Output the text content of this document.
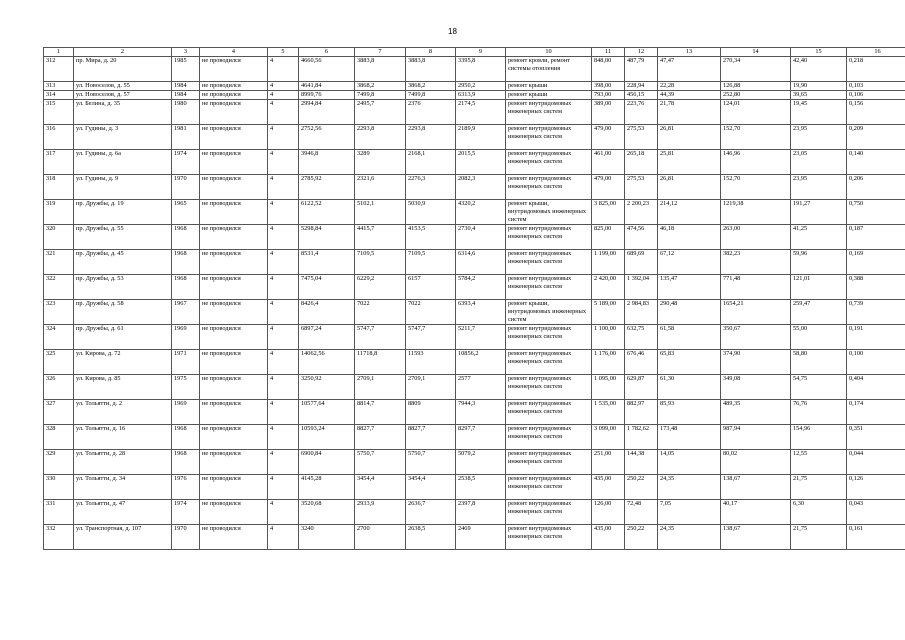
18
1	2	3	4	5	6	7	8	9	10	11	12	13	14	15	16
312	пр. Мира, д. 20	1985	не проводился	4	4660,56	3883,8	3883,8	3395,8	ремонт кровли, ремонт системы отопления	848,00	487,79	47,47	270,34	42,40	0,218
313	ул. Новоселов, д. 55	1984	не проводился	4	4641,84	3868,2	3868,2	2950,2	ремонт крыши	398,00	228,94	22,28	126,88	19,90	0,103
314	ул. Новоселов, д. 57	1984	не проводился	4	8999,76	7499,8	7499,8	6313,9	ремонт крыши	793,00	456,15	44,39	252,80	39,65	0,106
315	ул. Белина, д. 35	1980	не проводился	4	2994,84	2495,7	2376	2174,5	ремонт внутридомовых инженерных систем	389,00	223,76	21,78	124,01	19,45	0,156
316	ул. Гудины, д. 3	1981	не проводился	4	2752,56	2293,8	2293,8	2189,9	ремонт внутридомовых инженерных систем	479,00	275,53	26,81	152,70	23,95	0,209
317	ул. Гудины, д. 6а	1974	не проводился	4	3946,8	3289	2168,1	2015,5	ремонт внутридомовых инженерных систем	461,00	265,18	25,81	146,96	23,05	0,140
318	ул. Гудины, д. 9	1970	не проводился	4	2785,92	2321,6	2276,3	2082,3	ремонт внутридомовых инженерных систем	479,00	275,53	26,81	152,70	23,95	0,206
319	пр. Дружбы, д. 19	1965	не проводился	4	6122,52	5102,1	5030,9	4320,2	ремонт крыши, внутридомовых инженерных систем	3 825,00	2 200,23	214,12	1219,38	191,27	0,750
320	пр. Дружбы, д. 55	1968	не проводился	4	5298,84	4415,7	4153,5	2730,4	ремонт внутридомовых инженерных систем	825,00	474,56	46,18	263,00	41,25	0,187
321	пр. Дружбы, д. 45	1968	не проводился	4	8531,4	7109,5	7109,5	6314,6	ремонт внутридомовых инженерных систем	1 199,00	689,69	67,12	382,23	59,96	0,169
322	пр. Дружбы, д. 53	1968	не проводился	4	7475,04	6229,2	6157	5784,2	ремонт внутридомовых инженерных систем	2 420,00	1 392,04	135,47	771,48	121,01	0,388
323	пр. Дружбы, д. 58	1967	не проводился	4	8426,4	7022	7022	6393,4	ремонт крыши, внутридомовых инженерных систем	5 189,00	2 984,83	290,48	1654,21	259,47	0,739
324	пр. Дружбы, д. 61	1969	не проводился	4	6897,24	5747,7	5747,7	5211,7	ремонт внутридомовых инженерных систем	1 100,00	632,75	61,58	350,67	55,00	0,191
325	ул. Кирова, д. 72	1971	не проводился	4	14062,56	11718,8	11593	10856,2	ремонт внутридомовых инженерных систем	1 176,00	676,46	65,83	374,90	58,80	0,100
326	ул. Кирова, д. 85	1975	не проводился	4	3250,92	2709,1	2709,1	2577	ремонт внутридомовых инженерных систем	1 095,00	629,87	61,30	349,08	54,75	0,404
327	ул. Тольятти, д. 2	1969	не проводился	4	10577,64	8814,7	8809	7944,3	ремонт внутридомовых инженерных систем	1 535,00	882,97	85,93	489,35	76,76	0,174
328	ул. Тольятти, д. 16	1968	не проводился	4	10593,24	8827,7	8827,7	8297,7	ремонт внутридомовых инженерных систем	3 099,00	1 782,62	173,48	987,94	154,96	0,351
329	ул. Тольятти, д. 28	1968	не проводился	4	6900,84	5750,7	5750,7	5079,2	ремонт внутридомовых инженерных систем	251,00	144,38	14,05	80,02	12,55	0,044
330	ул. Тольятти, д. 34	1976	не проводился	4	4145,28	3454,4	3454,4	2538,5	ремонт внутридомовых инженерных систем	435,00	250,22	24,35	138,67	21,75	0,126
331	ул. Тольятти, д. 47	1974	не проводился	4	3520,68	2933,9	2636,7	2397,8	ремонт внутридомовых инженерных систем	126,00	72,48	7,05	40,17	6,30	0,043
332	ул. Транспортная, д. 107	1970	не проводился	4	3240	2700	2638,5	2469	ремонт внутридомовых инженерных систем	435,00	250,22	24,35	138,67	21,75	0,161
